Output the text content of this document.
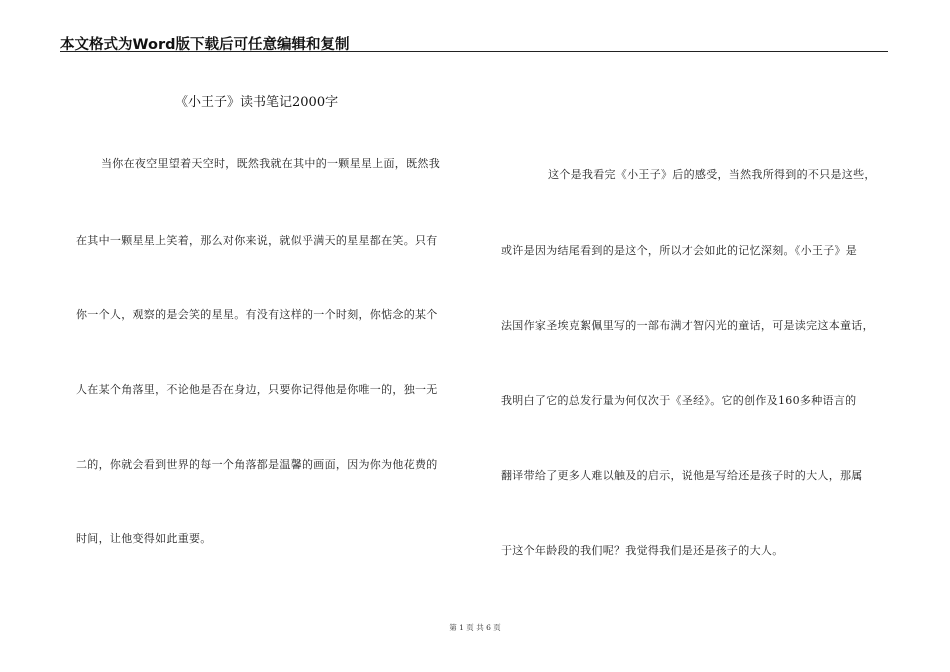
本文格式为Word版下载后可任意编辑和复制
《小王子》读书笔记2000字
当你在夜空里望着天空时，既然我就在其中的一颗星星上面，既然我
在其中一颗星星上笑着，那么对你来说，就似乎满天的星星都在笑。只有
你一个人，观察的是会笑的星星。有没有这样的一个时刻，你惦念的某个
人在某个角落里，不论他是否在身边，只要你记得他是你唯一的，独一无
二的，你就会看到世界的每一个角落都是温馨的画面，因为你为他花费的
时间，让他变得如此重要。
这个是我看完《小王子》后的感受，当然我所得到的不只是这些，
或许是因为结尾看到的是这个，所以才会如此的记忆深刻。《小王子》是
法国作家圣埃克絮佩里写的一部布满才智闪光的童话，可是读完这本童话，
我明白了它的总发行量为何仅次于《圣经》。它的创作及160多种语言的
翻译带给了更多人难以触及的启示，说他是写给还是孩子时的大人，那属
于这个年龄段的我们呢？我觉得我们是还是孩子的大人。
第 1 页 共 6 页
